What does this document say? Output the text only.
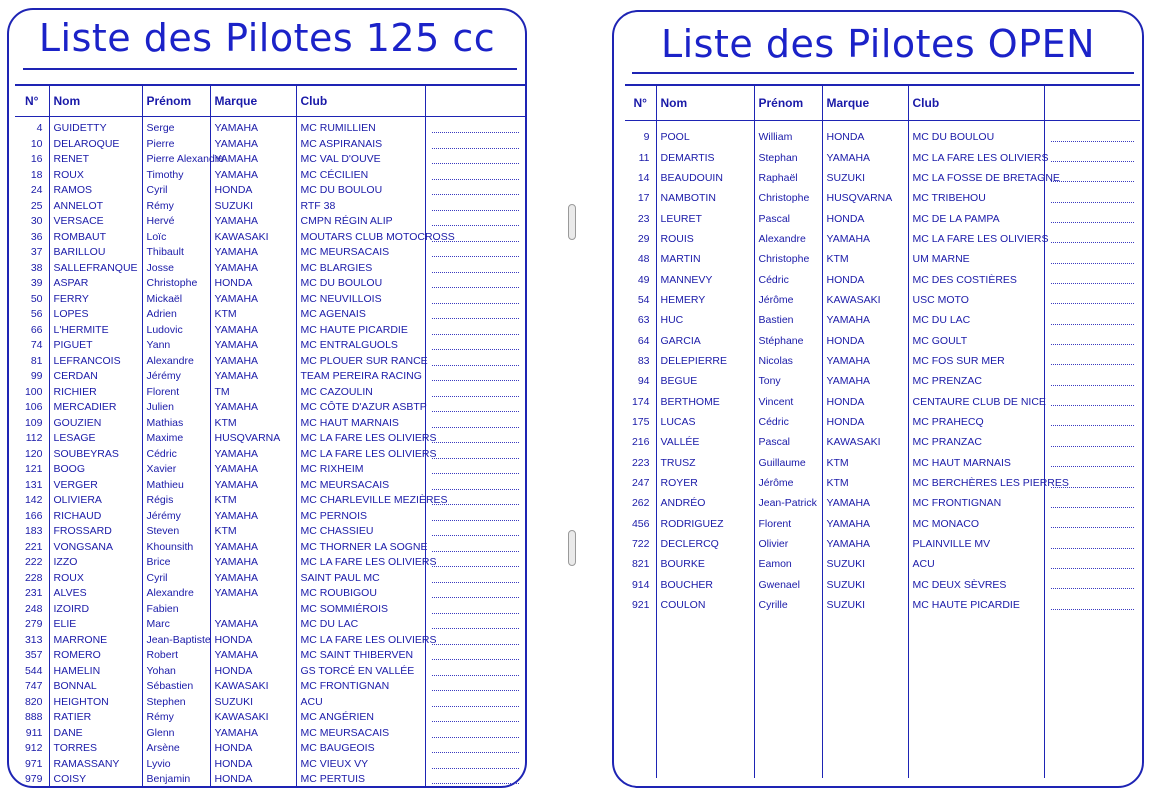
Liste des Pilotes 125 cc
N°	Nom	Prénom	Marque	Club	
4	GUIDETTY	Serge	YAMAHA	MC RUMILLIEN	

10	DELAROQUE	Pierre	YAMAHA	MC ASPIRANAIS	

16	RENET	Pierre Alexandre	YAMAHA	MC VAL D'OUVE	

18	ROUX	Timothy	YAMAHA	MC CÉCILIEN	

24	RAMOS	Cyril	HONDA	MC DU BOULOU	

25	ANNELOT	Rémy	SUZUKI	RTF 38	

30	VERSACE	Hervé	YAMAHA	CMPN RÉGIN ALIP	

36	ROMBAUT	Loïc	KAWASAKI	MOUTARS CLUB MOTOCROSS	

37	BARILLOU	Thibault	YAMAHA	MC MEURSACAIS	

38	SALLEFRANQUE	Josse	YAMAHA	MC BLARGIES	

39	ASPAR	Christophe	HONDA	MC DU BOULOU	

50	FERRY	Mickaël	YAMAHA	MC NEUVILLOIS	

56	LOPES	Adrien	KTM	MC AGENAIS	

66	L'HERMITE	Ludovic	YAMAHA	MC HAUTE PICARDIE	

74	PIGUET	Yann	YAMAHA	MC ENTRALGUOLS	

81	LEFRANCOIS	Alexandre	YAMAHA	MC PLOUER SUR RANCE	

99	CERDAN	Jérémy	YAMAHA	TEAM PEREIRA RACING	

100	RICHIER	Florent	TM	MC CAZOULIN	

106	MERCADIER	Julien	YAMAHA	MC CÔTE D'AZUR ASBTP	

109	GOUZIEN	Mathias	KTM	MC HAUT MARNAIS	

112	LESAGE	Maxime	HUSQVARNA	MC LA FARE LES OLIVIERS	

120	SOUBEYRAS	Cédric	YAMAHA	MC LA FARE LES OLIVIERS	

121	BOOG	Xavier	YAMAHA	MC RIXHEIM	

131	VERGER	Mathieu	YAMAHA	MC MEURSACAIS	

142	OLIVIERA	Régis	KTM	MC CHARLEVILLE MEZIÈRES	

166	RICHAUD	Jérémy	YAMAHA	MC PERNOIS	

183	FROSSARD	Steven	KTM	MC CHASSIEU	

221	VONGSANA	Khounsith	YAMAHA	MC THORNER LA SOGNE	

222	IZZO	Brice	YAMAHA	MC LA FARE LES OLIVIERS	

228	ROUX	Cyril	YAMAHA	SAINT PAUL MC	

231	ALVES	Alexandre	YAMAHA	MC ROUBIGOU	

248	IZOIRD	Fabien		MC SOMMIÉROIS	

279	ELIE	Marc	YAMAHA	MC DU LAC	

313	MARRONE	Jean-Baptiste	HONDA	MC LA FARE LES OLIVIERS	

357	ROMERO	Robert	YAMAHA	MC SAINT THIBERVEN	

544	HAMELIN	Yohan	HONDA	GS TORCÉ EN VALLÉE	

747	BONNAL	Sébastien	KAWASAKI	MC FRONTIGNAN	

820	HEIGHTON	Stephen	SUZUKI	ACU	

888	RATIER	Rémy	KAWASAKI	MC ANGÉRIEN	

911	DANE	Glenn	YAMAHA	MC MEURSACAIS	

912	TORRES	Arsène	HONDA	MC BAUGEOIS	

971	RAMASSANY	Lyvio	HONDA	MC VIEUX VY	

979	COISY	Benjamin	HONDA	MC PERTUIS	
Liste des Pilotes OPEN
N°	Nom	Prénom	Marque	Club	
9	POOL	William	HONDA	MC DU BOULOU	

11	DEMARTIS	Stephan	YAMAHA	MC LA FARE LES OLIVIERS	

14	BEAUDOUIN	Raphaël	SUZUKI	MC LA FOSSE DE BRETAGNE	

17	NAMBOTIN	Christophe	HUSQVARNA	MC TRIBEHOU	

23	LEURET	Pascal	HONDA	MC DE LA PAMPA	

29	ROUIS	Alexandre	YAMAHA	MC LA FARE LES OLIVIERS	

48	MARTIN	Christophe	KTM	UM MARNE	

49	MANNEVY	Cédric	HONDA	MC DES COSTIÈRES	

54	HEMERY	Jérôme	KAWASAKI	USC MOTO	

63	HUC	Bastien	YAMAHA	MC DU LAC	

64	GARCIA	Stéphane	HONDA	MC GOULT	

83	DELEPIERRE	Nicolas	YAMAHA	MC FOS SUR MER	

94	BEGUE	Tony	YAMAHA	MC PRENZAC	

174	BERTHOME	Vincent	HONDA	CENTAURE CLUB DE NICE	

175	LUCAS	Cédric	HONDA	MC PRAHECQ	

216	VALLÉE	Pascal	KAWASAKI	MC PRANZAC	

223	TRUSZ	Guillaume	KTM	MC HAUT MARNAIS	

247	ROYER	Jérôme	KTM	MC BERCHÈRES LES PIERRES	

262	ANDRÉO	Jean-Patrick	YAMAHA	MC FRONTIGNAN	

456	RODRIGUEZ	Florent	YAMAHA	MC MONACO	

722	DECLERCQ	Olivier	YAMAHA	PLAINVILLE MV	

821	BOURKE	Eamon	SUZUKI	ACU	

914	BOUCHER	Gwenael	SUZUKI	MC DEUX SÈVRES	

921	COULON	Cyrille	SUZUKI	MC HAUTE PICARDIE	
